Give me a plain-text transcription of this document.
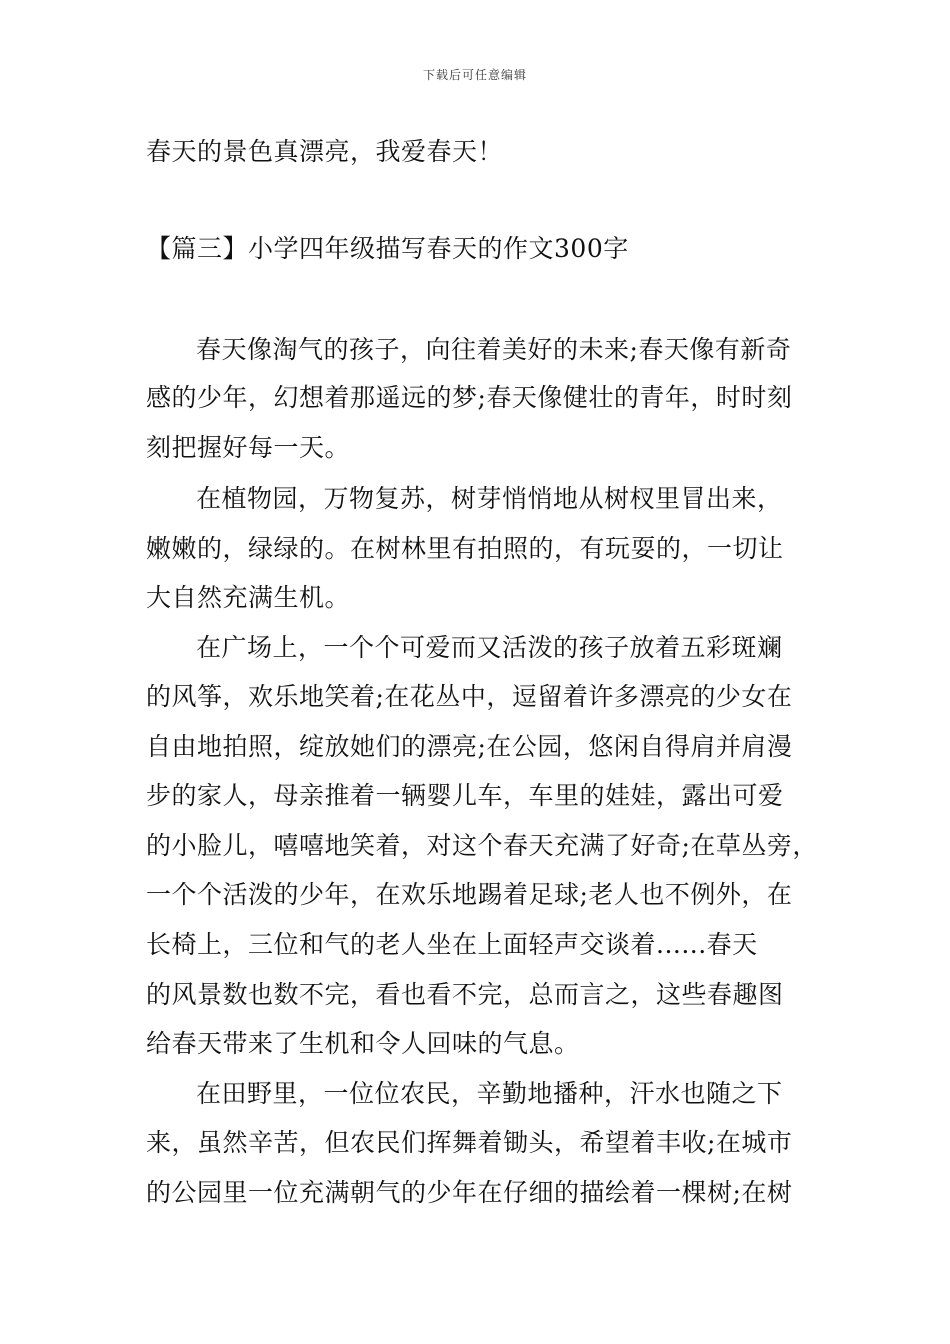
下载后可任意编辑
春天的景色真漂亮，我爱春天！
【篇三】小学四年级描写春天的作文300字
春天像淘气的孩子，向往着美好的未来;春天像有新奇
感的少年，幻想着那遥远的梦;春天像健壮的青年，时时刻
刻把握好每一天。
在植物园，万物复苏，树芽悄悄地从树杈里冒出来，
嫩嫩的，绿绿的。在树林里有拍照的，有玩耍的，一切让
大自然充满生机。
在广场上，一个个可爱而又活泼的孩子放着五彩斑斓
的风筝，欢乐地笑着;在花丛中，逗留着许多漂亮的少女在
自由地拍照，绽放她们的漂亮;在公园，悠闲自得肩并肩漫
步的家人，母亲推着一辆婴儿车，车里的娃娃，露出可爱
的小脸儿，嘻嘻地笑着，对这个春天充满了好奇;在草丛旁，
一个个活泼的少年，在欢乐地踢着足球;老人也不例外，在
长椅上，三位和气的老人坐在上面轻声交谈着......春天
的风景数也数不完，看也看不完，总而言之，这些春趣图
给春天带来了生机和令人回味的气息。
在田野里，一位位农民，辛勤地播种，汗水也随之下
来，虽然辛苦，但农民们挥舞着锄头，希望着丰收;在城市
的公园里一位充满朝气的少年在仔细的描绘着一棵树;在树
